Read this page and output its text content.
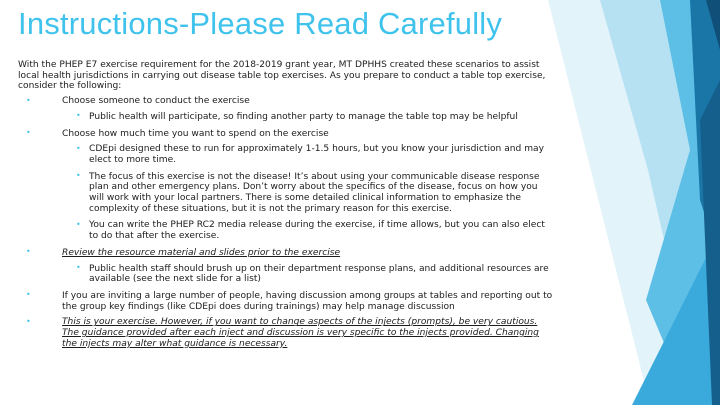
Instructions-Please Read Carefully

With the PHEP E7 exercise requirement for the 2018-2019 grant year, MT DPHHS created these scenarios to assist local health jurisdictions in carrying out disease table top exercises. As you prepare to conduct a table top exercise, consider the following:

•	Choose someone to conduct the exercise
• Public health will participate, so finding another party to manage the table top may be helpful
•	Choose how much time you want to spend on the exercise
• CDEpi designed these to run for approximately 1-1.5 hours, but you know your jurisdiction and may elect to more time.
• The focus of this exercise is not the disease! It’s about using your communicable disease response plan and other emergency plans. Don’t worry about the specifics of the disease, focus on how you will work with your local partners. There is some detailed clinical information to emphasize the complexity of these situations, but it is not the primary reason for this exercise.
• You can write the PHEP RC2 media release during the exercise, if time allows, but you can also elect to do that after the exercise.
•	Review the resource material and slides prior to the exercise
• Public health staff should brush up on their department response plans, and additional resources are available (see the next slide for a list)
•	If you are inviting a large number of people, having discussion among groups at tables and reporting out to the group key findings (like CDEpi does during trainings) may help manage discussion
•	This is your exercise. However, if you want to change aspects of the injects (prompts), be very cautious. The guidance provided after each inject and discussion is very specific to the injects provided. Changing the injects may alter what guidance is necessary.
